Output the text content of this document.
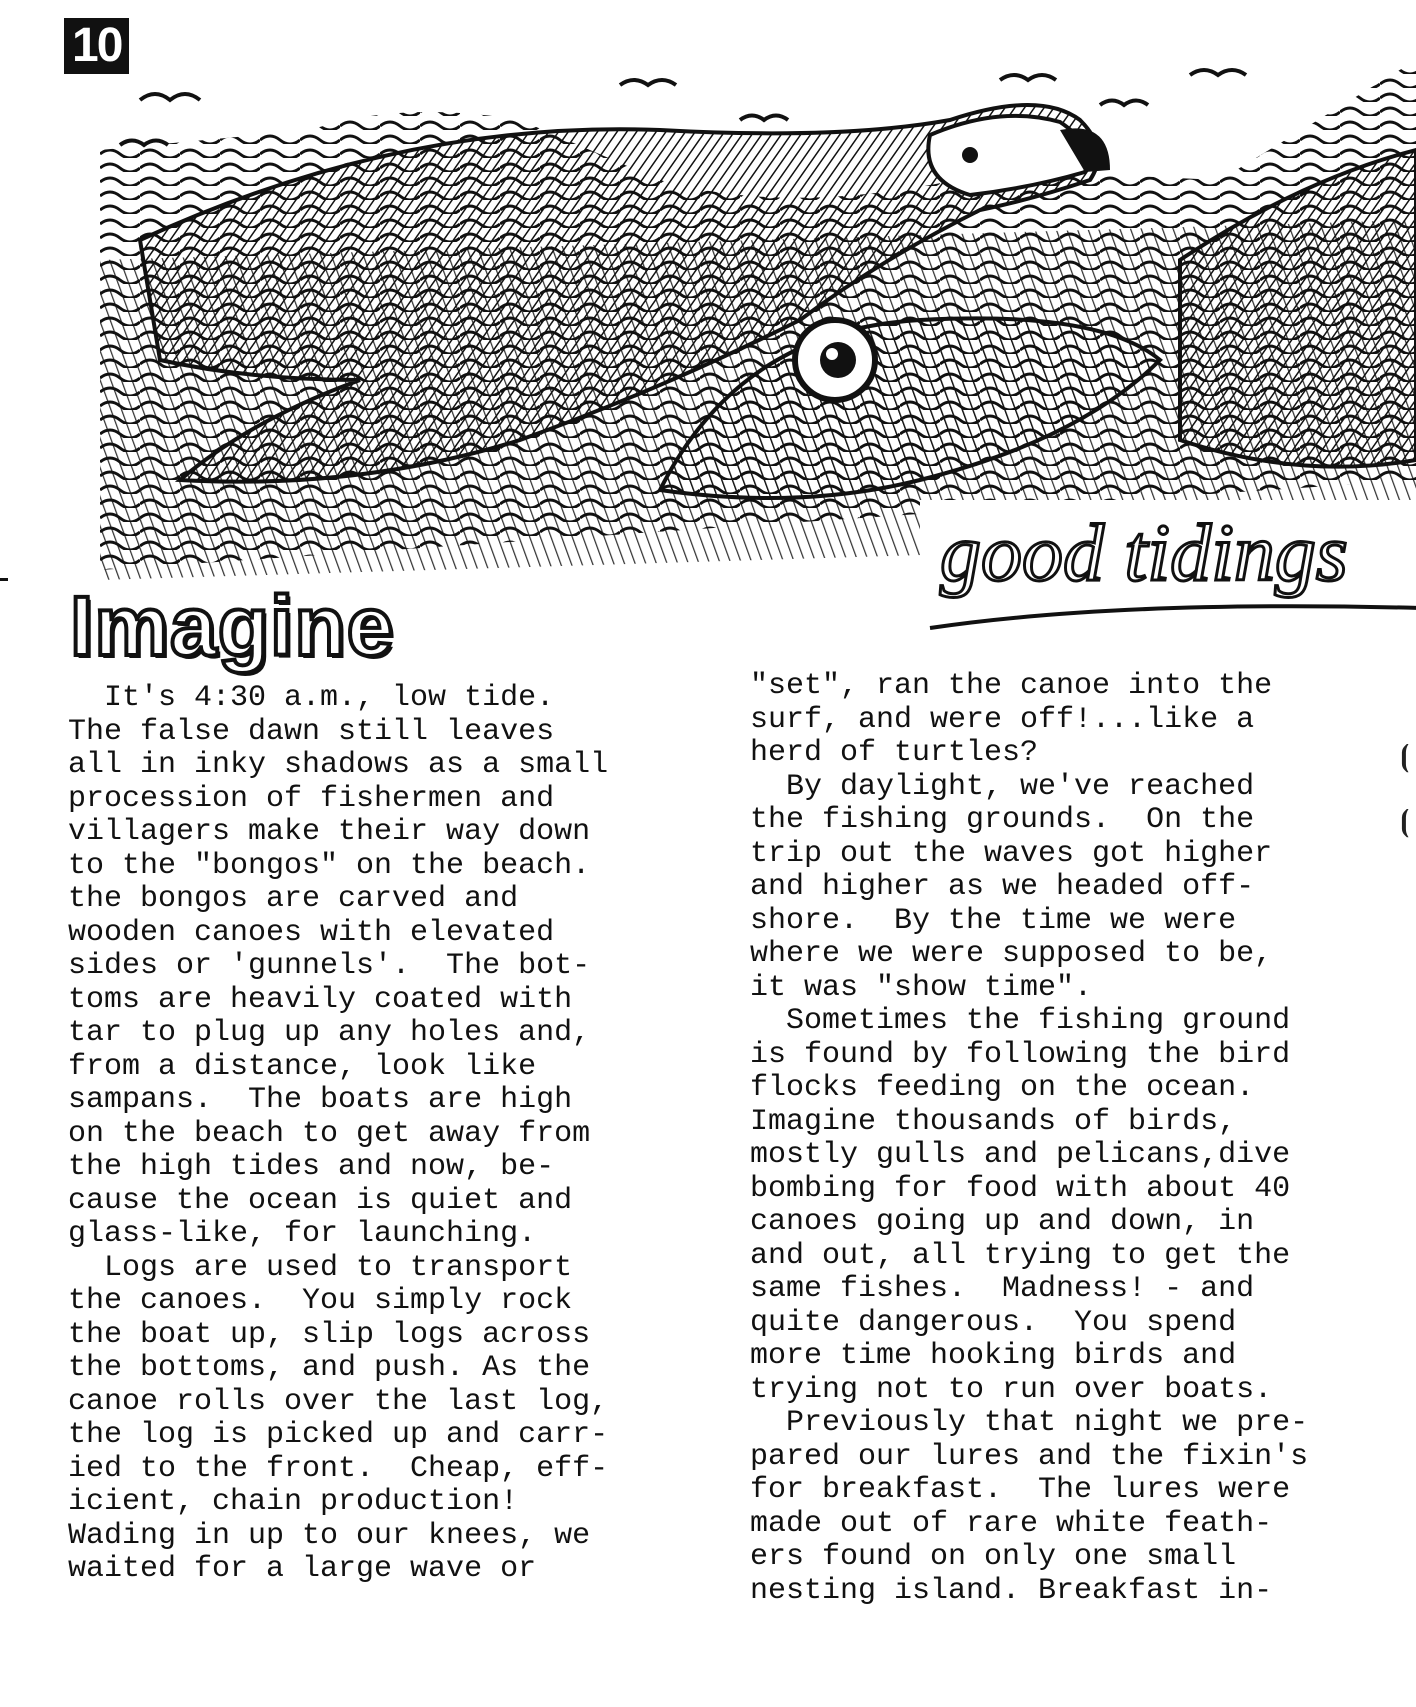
10
good tidings
Imagine
It's 4:30 a.m., low tide.
The false dawn still leaves
all in inky shadows as a small
procession of fishermen and
villagers make their way down
to the "bongos" on the beach.
the bongos are carved and
wooden canoes with elevated
sides or 'gunnels'.  The bot-
toms are heavily coated with
tar to plug up any holes and,
from a distance, look like
sampans.  The boats are high
on the beach to get away from
the high tides and now, be-
cause the ocean is quiet and
glass-like, for launching.
Logs are used to transport
the canoes.  You simply rock
the boat up, slip logs across
the bottoms, and push. As the
canoe rolls over the last log,
the log is picked up and carr-
ied to the front.  Cheap, eff-
icient, chain production!
Wading in up to our knees, we
waited for a large wave or
"set", ran the canoe into the
surf, and were off!...like a
herd of turtles?
By daylight, we've reached
the fishing grounds.  On the
trip out the waves got higher
and higher as we headed off-
shore.  By the time we were
where we were supposed to be,
it was "show time".
Sometimes the fishing ground
is found by following the bird
flocks feeding on the ocean.
Imagine thousands of birds,
mostly gulls and pelicans,dive
bombing for food with about 40
canoes going up and down, in
and out, all trying to get the
same fishes.  Madness! - and
quite dangerous.  You spend
more time hooking birds and
trying not to run over boats.
Previously that night we pre-
pared our lures and the fixin's
for breakfast.  The lures were
made out of rare white feath-
ers found on only one small
nesting island. Breakfast in-
⦗
⦗
